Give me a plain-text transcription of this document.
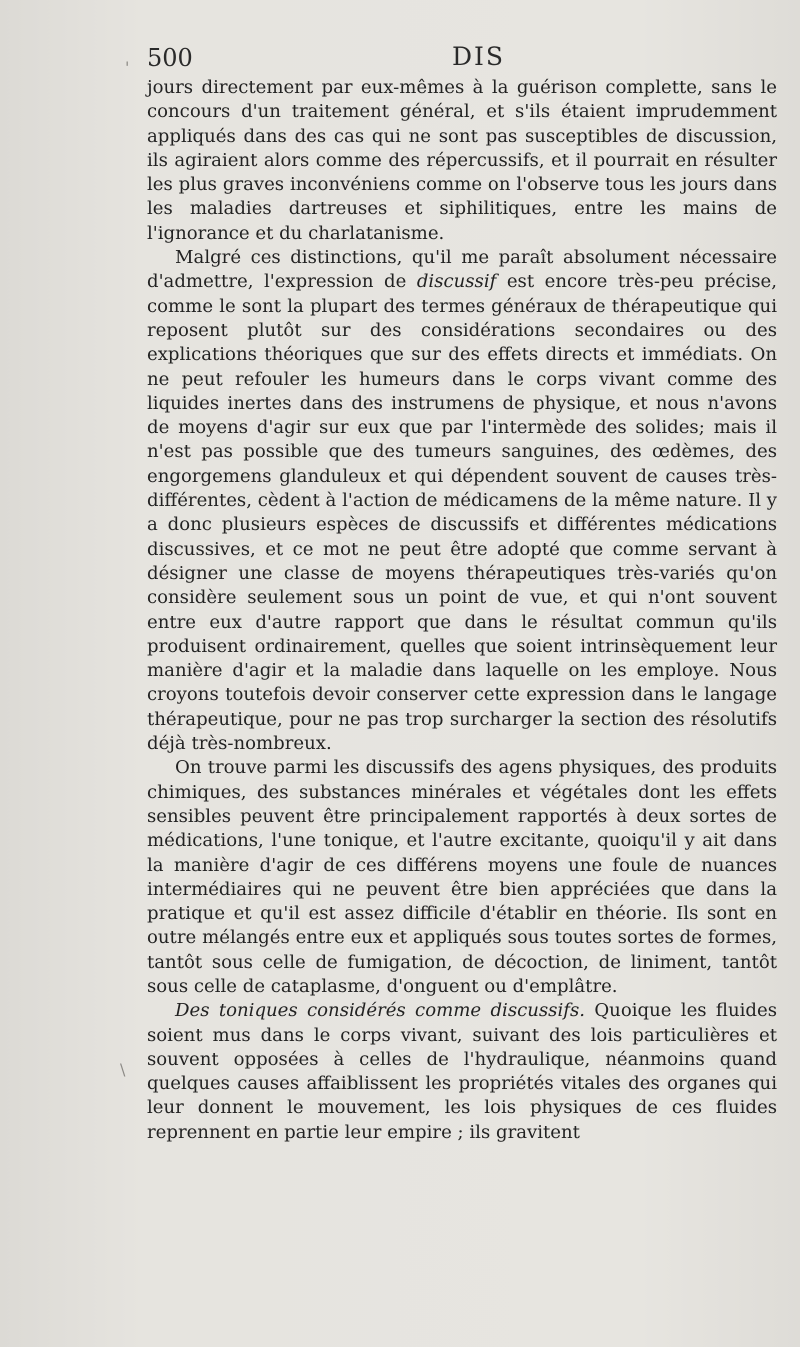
500	DIS
'
\

jours directement par eux-mêmes à la guérison complette, sans le concours d'un traitement général, et s'ils étaient imprudemment appliqués dans des cas qui ne sont pas susceptibles de discussion, ils agiraient alors comme des répercussifs, et il pourrait en résulter les plus graves inconvéniens comme on l'observe tous les jours dans les maladies dartreuses et siphilitiques, entre les mains de l'ignorance et du charlatanisme.

Malgré ces distinctions, qu'il me paraît absolument nécessaire d'admettre, l'expression de discussif est encore très-peu précise, comme le sont la plupart des termes généraux de thérapeutique qui reposent plutôt sur des considérations secondaires ou des explications théoriques que sur des effets directs et immédiats. On ne peut refouler les humeurs dans le corps vivant comme des liquides inertes dans des instrumens de physique, et nous n'avons de moyens d'agir sur eux que par l'intermède des solides; mais il n'est pas possible que des tumeurs sanguines, des œdèmes, des engorgemens glanduleux et qui dépendent souvent de causes très-différentes, cèdent à l'action de médicamens de la même nature. Il y a donc plusieurs espèces de discussifs et différentes médications discussives, et ce mot ne peut être adopté que comme servant à désigner une classe de moyens thérapeutiques très-variés qu'on considère seulement sous un point de vue, et qui n'ont souvent entre eux d'autre rapport que dans le résultat commun qu'ils produisent ordinairement, quelles que soient intrinsèquement leur manière d'agir et la maladie dans laquelle on les employe. Nous croyons toutefois devoir conserver cette expression dans le langage thérapeutique, pour ne pas trop surcharger la section des résolutifs déjà très-nombreux.

On trouve parmi les discussifs des agens physiques, des produits chimiques, des substances minérales et végétales dont les effets sensibles peuvent être principalement rapportés à deux sortes de médications, l'une tonique, et l'autre excitante, quoiqu'il y ait dans la manière d'agir de ces différens moyens une foule de nuances intermédiaires qui ne peuvent être bien appréciées que dans la pratique et qu'il est assez difficile d'établir en théorie. Ils sont en outre mélangés entre eux et appliqués sous toutes sortes de formes, tantôt sous celle de fumigation, de décoction, de liniment, tantôt sous celle de cataplasme, d'onguent ou d'emplâtre.

Des toniques considérés comme discussifs. Quoique les fluides soient mus dans le corps vivant, suivant des lois particulières et souvent opposées à celles de l'hydraulique, néanmoins quand quelques causes affaiblissent les propriétés vitales des organes qui leur donnent le mouvement, les lois physiques de ces fluides reprennent en partie leur empire ; ils gravitent
